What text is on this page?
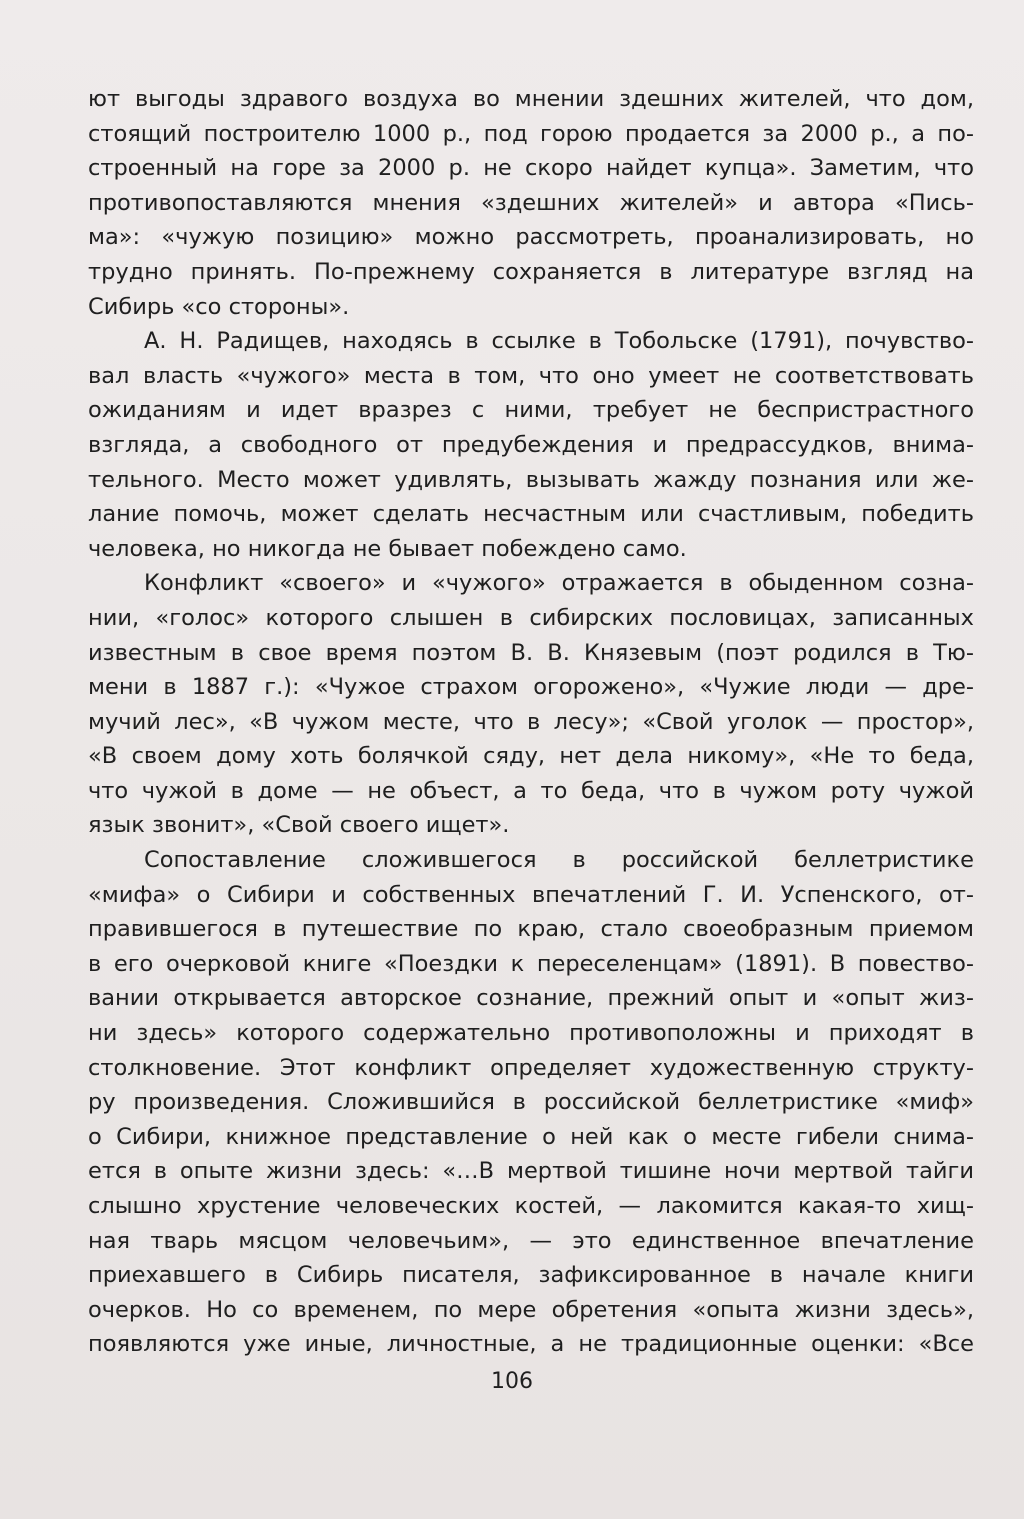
ют выгоды здравого воздуха во мнении здешних жителей, что дом,
стоящий построителю 1000 р., под горою продается за 2000 р., а по-
строенный на горе за 2000 р. не скоро найдет купца». Заметим, что
противопоставляются мнения «здешних жителей» и автора «Пись-
ма»: «чужую позицию» можно рассмотреть, проанализировать, но
трудно принять. По-прежнему сохраняется в литературе взгляд на
Сибирь «со стороны».
А. Н. Радищев, находясь в ссылке в Тобольске (1791), почувство-
вал власть «чужого» места в том, что оно умеет не соответствовать
ожиданиям и идет вразрез с ними, требует не беспристрастного
взгляда, а свободного от предубеждения и предрассудков, внима-
тельного. Место может удивлять, вызывать жажду познания или же-
лание помочь, может сделать несчастным или счастливым, победить
человека, но никогда не бывает побеждено само.
Конфликт «своего» и «чужого» отражается в обыденном созна-
нии, «голос» которого слышен в сибирских пословицах, записанных
известным в свое время поэтом В. В. Князевым (поэт родился в Тю-
мени в 1887 г.): «Чужое страхом огорожено», «Чужие люди — дре-
мучий лес», «В чужом месте, что в лесу»; «Свой уголок — простор»,
«В своем дому хоть болячкой сяду, нет дела никому», «Не то беда,
что чужой в доме — не объест, а то беда, что в чужом роту чужой
язык звонит», «Свой своего ищет».
Сопоставление сложившегося в российской беллетристике
«мифа» о Сибири и собственных впечатлений Г. И. Успенского, от-
правившегося в путешествие по краю, стало своеобразным приемом
в его очерковой книге «Поездки к переселенцам» (1891). В повество-
вании открывается авторское сознание, прежний опыт и «опыт жиз-
ни здесь» которого содержательно противоположны и приходят в
столкновение. Этот конфликт определяет художественную структу-
ру произведения. Сложившийся в российской беллетристике «миф»
о Сибири, книжное представление о ней как о месте гибели снима-
ется в опыте жизни здесь: «…В мертвой тишине ночи мертвой тайги
слышно хрустение человеческих костей, — лакомится какая-то хищ-
ная тварь мясцом человечьим», — это единственное впечатление
приехавшего в Сибирь писателя, зафиксированное в начале книги
очерков. Но со временем, по мере обретения «опыта жизни здесь»,
появляются уже иные, личностные, а не традиционные оценки: «Все
106
